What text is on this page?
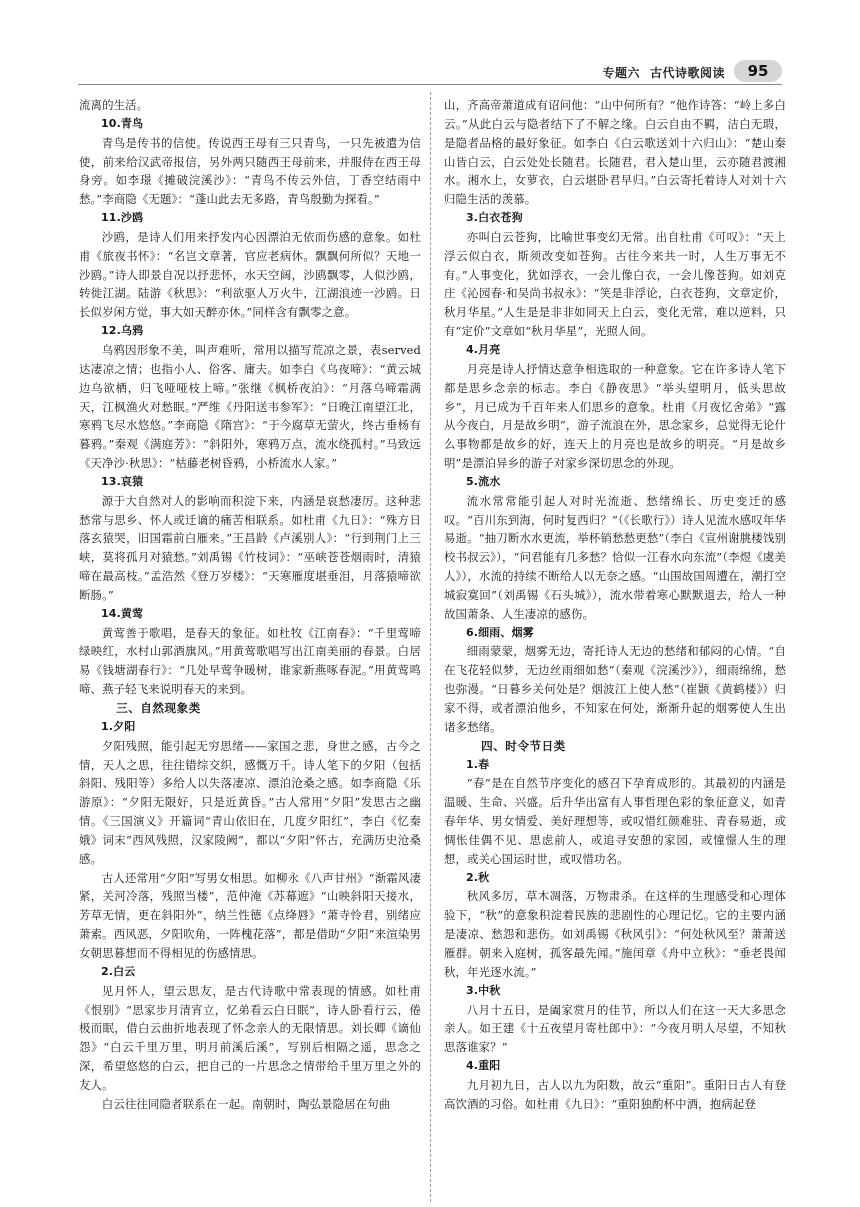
专题六 古代诗歌阅读	95

流离的生活。

10.青鸟

青鸟是传书的信使。传说西王母有三只青鸟，一只先被遣为信使，前来给汉武帝报信，另外两只随西王母前来，并服侍在西王母身旁。如李璟《摊破浣溪沙》：“青鸟不传云外信，丁香空结雨中愁。”李商隐《无题》：“蓬山此去无多路，青鸟殷勤为探看。”

11.沙鸥

沙鸥，是诗人们用来抒发内心因漂泊无依而伤感的意象。如杜甫《旅夜书怀》：“名岂文章著，官应老病休。飘飘何所似？天地一沙鸥。”诗人即景自况以抒悲怀，水天空阔，沙鸥飘零，人似沙鸥，转徙江湖。陆游《秋思》：“利欲驱人万火牛，江湖浪迹一沙鸥。日长似岁闲方觉，事大如天醉亦休。”同样含有飘零之意。

12.乌鸦

乌鸦因形象不美，叫声难听，常用以描写荒凉之景，表served达凄凉之情；也指小人、俗客、庸夫。如李白《乌夜啼》：“黄云城边乌欲栖，归飞哑哑枝上啼。”张继《枫桥夜泊》：“月落乌啼霜满天，江枫渔火对愁眠。”严维《丹阳送韦参军》：“日晚江南望江北，寒鸦飞尽水悠悠。”李商隐《隋宫》：“于今腐草无萤火，终古垂杨有暮鸦。”秦观《满庭芳》：“斜阳外，寒鸦万点，流水绕孤村。”马致远《天净沙·秋思》：“枯藤老树昏鸦，小桥流水人家。”

13.哀猿

源于大自然对人的影响而积淀下来，内涵是哀愁凄厉。这种悲愁常与思乡、怀人或迁谪的痛苦相联系。如杜甫《九日》：“殊方日落玄猿哭，旧国霜前白雁来。”王昌龄《卢溪别人》：“行到荆门上三峡，莫将孤月对猿愁。”刘禹锡《竹枝词》：“巫峡苍苍烟雨时，清猿啼在最高枝。”孟浩然《登万岁楼》：“天寒雁度堪垂泪，月落猿啼欲断肠。”

14.黄莺

黄莺善于歌唱，是春天的象征。如杜牧《江南春》：“千里莺啼绿映红，水村山郭酒旗风。”用黄莺歌唱写出江南美丽的春景。白居易《钱塘湖春行》：“几处早莺争暖树，谁家新燕啄春泥。”用黄莺鸣啼、燕子轻飞来说明春天的来到。

三、自然现象类

1.夕阳

夕阳残照，能引起无穷思绪——家国之悲，身世之感，古今之情，天人之思，往往错综交织，感慨万千。诗人笔下的夕阳（包括斜阳、残阳等）多给人以失落凄凉、漂泊沧桑之感。如李商隐《乐游原》：“夕阳无限好，只是近黄昏。”古人常用“夕阳”发思古之幽情。《三国演义》开篇词“青山依旧在，几度夕阳红”，李白《忆秦娥》词末“西风残照，汉家陵阙”，都以“夕阳”怀古，充满历史沧桑感。

古人还常用“夕阳”写男女相思。如柳永《八声甘州》“渐霜风凄紧，关河冷落，残照当楼”，范仲淹《苏幕遮》“山映斜阳天接水，芳草无情，更在斜阳外”，纳兰性德《点绛唇》“萧寺怜君，别绪应萧索。西风恶，夕阳吹角，一阵槐花落”，都是借助“夕阳”来渲染男女朝思暮想而不得相见的伤感情思。

2.白云

见月怀人，望云思友，是古代诗歌中常表现的情感。如杜甫《恨别》“思家步月清宵立，忆弟看云白日眠”，诗人卧看行云，倦极而眠，借白云曲折地表现了怀念亲人的无限情思。刘长卿《谪仙怨》“白云千里万里，明月前溪后溪”，写别后相隔之遥，思念之深，希望悠悠的白云，把自己的一片思念之情带给千里万里之外的友人。

白云往往同隐者联系在一起。南朝时，陶弘景隐居在句曲

山，齐高帝萧道成有诏问他：“山中何所有？”他作诗答：“岭上多白云。”从此白云与隐者结下了不解之缘。白云自由不羁，洁白无瑕，是隐者品格的最好象征。如李白《白云歌送刘十六归山》：“楚山秦山皆白云，白云处处长随君。长随君，君入楚山里，云亦随君渡湘水。湘水上，女萝衣，白云堪卧君早归。”白云寄托着诗人对刘十六归隐生活的羡慕。

3.白衣苍狗

亦叫白云苍狗，比喻世事变幻无常。出自杜甫《可叹》：“天上浮云似白衣，斯须改变如苍狗。古往今来共一时，人生万事无不有。”人事变化，犹如浮衣，一会儿像白衣，一会儿像苍狗。如刘克庄《沁园春·和吴尚书叔永》：“笑是非浮论，白衣苍狗，文章定价，秋月华星。”人生是是非非如同天上白云，变化无常，难以逆料，只有“定价”文章如“秋月华星”，光照人间。

4.月亮

月亮是诗人抒情达意争相选取的一种意象。它在许多诗人笔下都是思乡念亲的标志。李白《静夜思》“举头望明月，低头思故乡”，月已成为千百年来人们思乡的意象。杜甫《月夜忆舍弟》“露从今夜白，月是故乡明”，游子流浪在外，思念家乡，总觉得无论什么事物都是故乡的好，连天上的月亮也是故乡的明亮。“月是故乡明”是漂泊异乡的游子对家乡深切思念的外现。

5.流水

流水常常能引起人对时光流逝、愁绪绵长、历史变迁的感叹。“百川东到海，何时复西归？”（《长歌行》）诗人见流水感叹年华易逝。“抽刀断水水更流，举杯销愁愁更愁”（李白《宣州谢朓楼饯别校书叔云》），“问君能有几多愁？恰似一江春水向东流”（李煜《虞美人》），水流的持续不断给人以无奈之感。“山围故国周遭在，潮打空城寂寞回”（刘禹锡《石头城》），流水带着寒心默默退去，给人一种故国萧条、人生凄凉的感伤。

6.细雨、烟雾

细雨蒙蒙，烟雾无边，寄托诗人无边的愁绪和郁闷的心情。“自在飞花轻似梦，无边丝雨细如愁”（秦观《浣溪沙》），细雨绵绵，愁也弥漫。“日暮乡关何处是？烟波江上使人愁”（崔颢《黄鹤楼》）归家不得，或者漂泊他乡，不知家在何处，渐渐升起的烟雾使人生出诸多愁绪。

四、时令节日类

1.春

“春”是在自然节序变化的感召下孕育成形的。其最初的内涵是温暖、生命、兴盛。后升华出富有人事哲理色彩的象征意义，如青春年华、男女情爱、美好理想等，或叹惜红颜难驻、青春易逝，或惆怅佳偶不见、思虑前人，或追寻安憩的家园，或憧憬人生的理想，或关心国运时世，或叹惜功名。

2.秋

秋风多厉，草木凋落，万物肃杀。在这样的生理感受和心理体验下，“秋”的意象积淀着民族的悲剧性的心理记忆。它的主要内涵是凄凉、愁怨和悲伤。如刘禹锡《秋风引》：“何处秋风至？萧萧送雁群。朝来入庭树，孤客最先闻。”施闰章《舟中立秋》：“垂老畏闻秋，年光逐水流。”

3.中秋

八月十五日，是阖家赏月的佳节，所以人们在这一天大多思念亲人。如王建《十五夜望月寄杜郎中》：“今夜月明人尽望，不知秋思落谁家？”

4.重阳

九月初九日，古人以九为阳数，故云“重阳”。重阳日古人有登高饮酒的习俗。如杜甫《九日》：“重阳独酌杯中酒，抱病起登
